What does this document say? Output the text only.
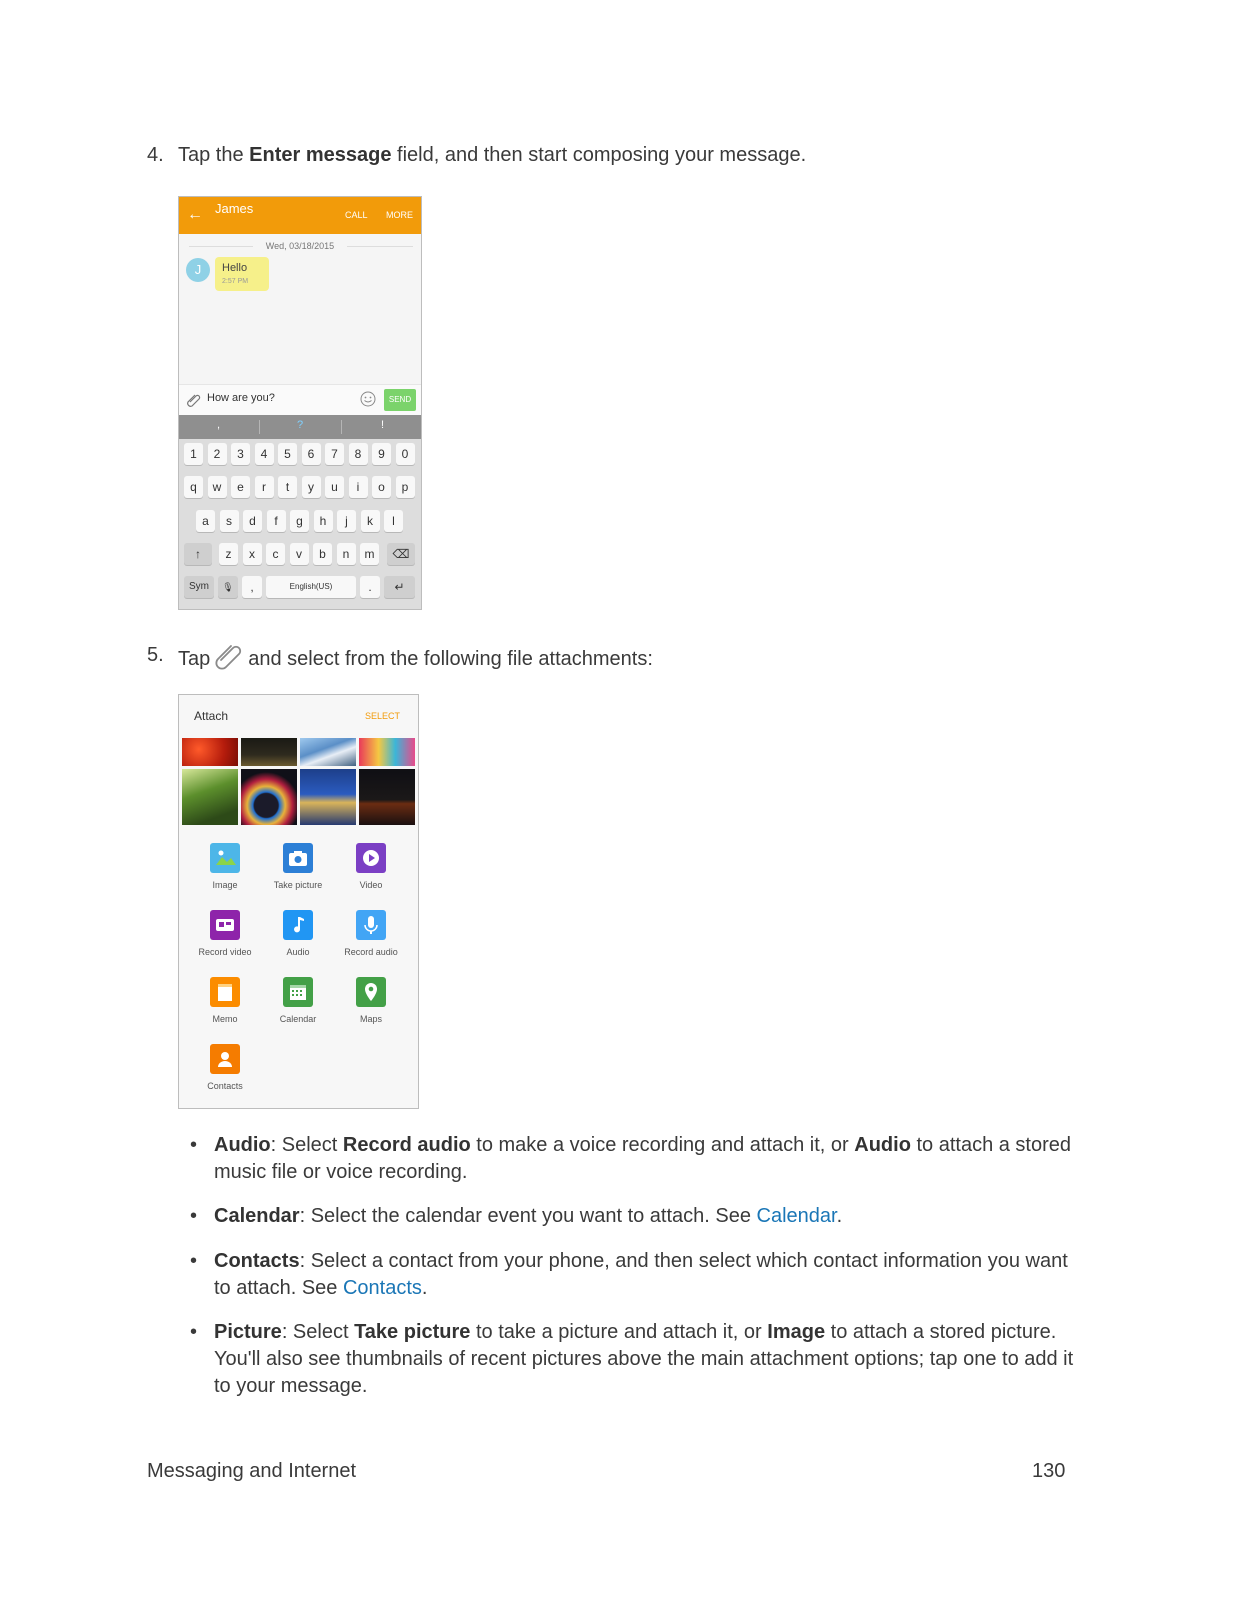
4. Tap the Enter message field, and then start composing your message.
← James	CALL MORE
Wed, 03/18/2015
J	Hello
2:57 PM
How are you?	SEND
,	?	!
1	2	3	4	5	6	7	8	9	0
q	w	e	r	t	y	u	i	o	p
a	s	d	f	g	h	j	k	l
z	x	c	v	b	n	m
↑	⌫
Sym	🎙	,	English(US)	.	↵
5. Tap and select from the following file attachments:
Attach	SELECT
Image	Take picture	Video
Record video	Audio	Record audio
Memo	Calendar	Maps
Contacts
• Audio: Select Record audio to make a voice recording and attach it, or Audio to attach a stored music file or voice recording.
• Calendar: Select the calendar event you want to attach. See Calendar.
• Contacts: Select a contact from your phone, and then select which contact information you want to attach. See Contacts.
• Picture: Select Take picture to take a picture and attach it, or Image to attach a stored picture. You'll also see thumbnails of recent pictures above the main attachment options; tap one to add it to your message.
Messaging and Internet	130
